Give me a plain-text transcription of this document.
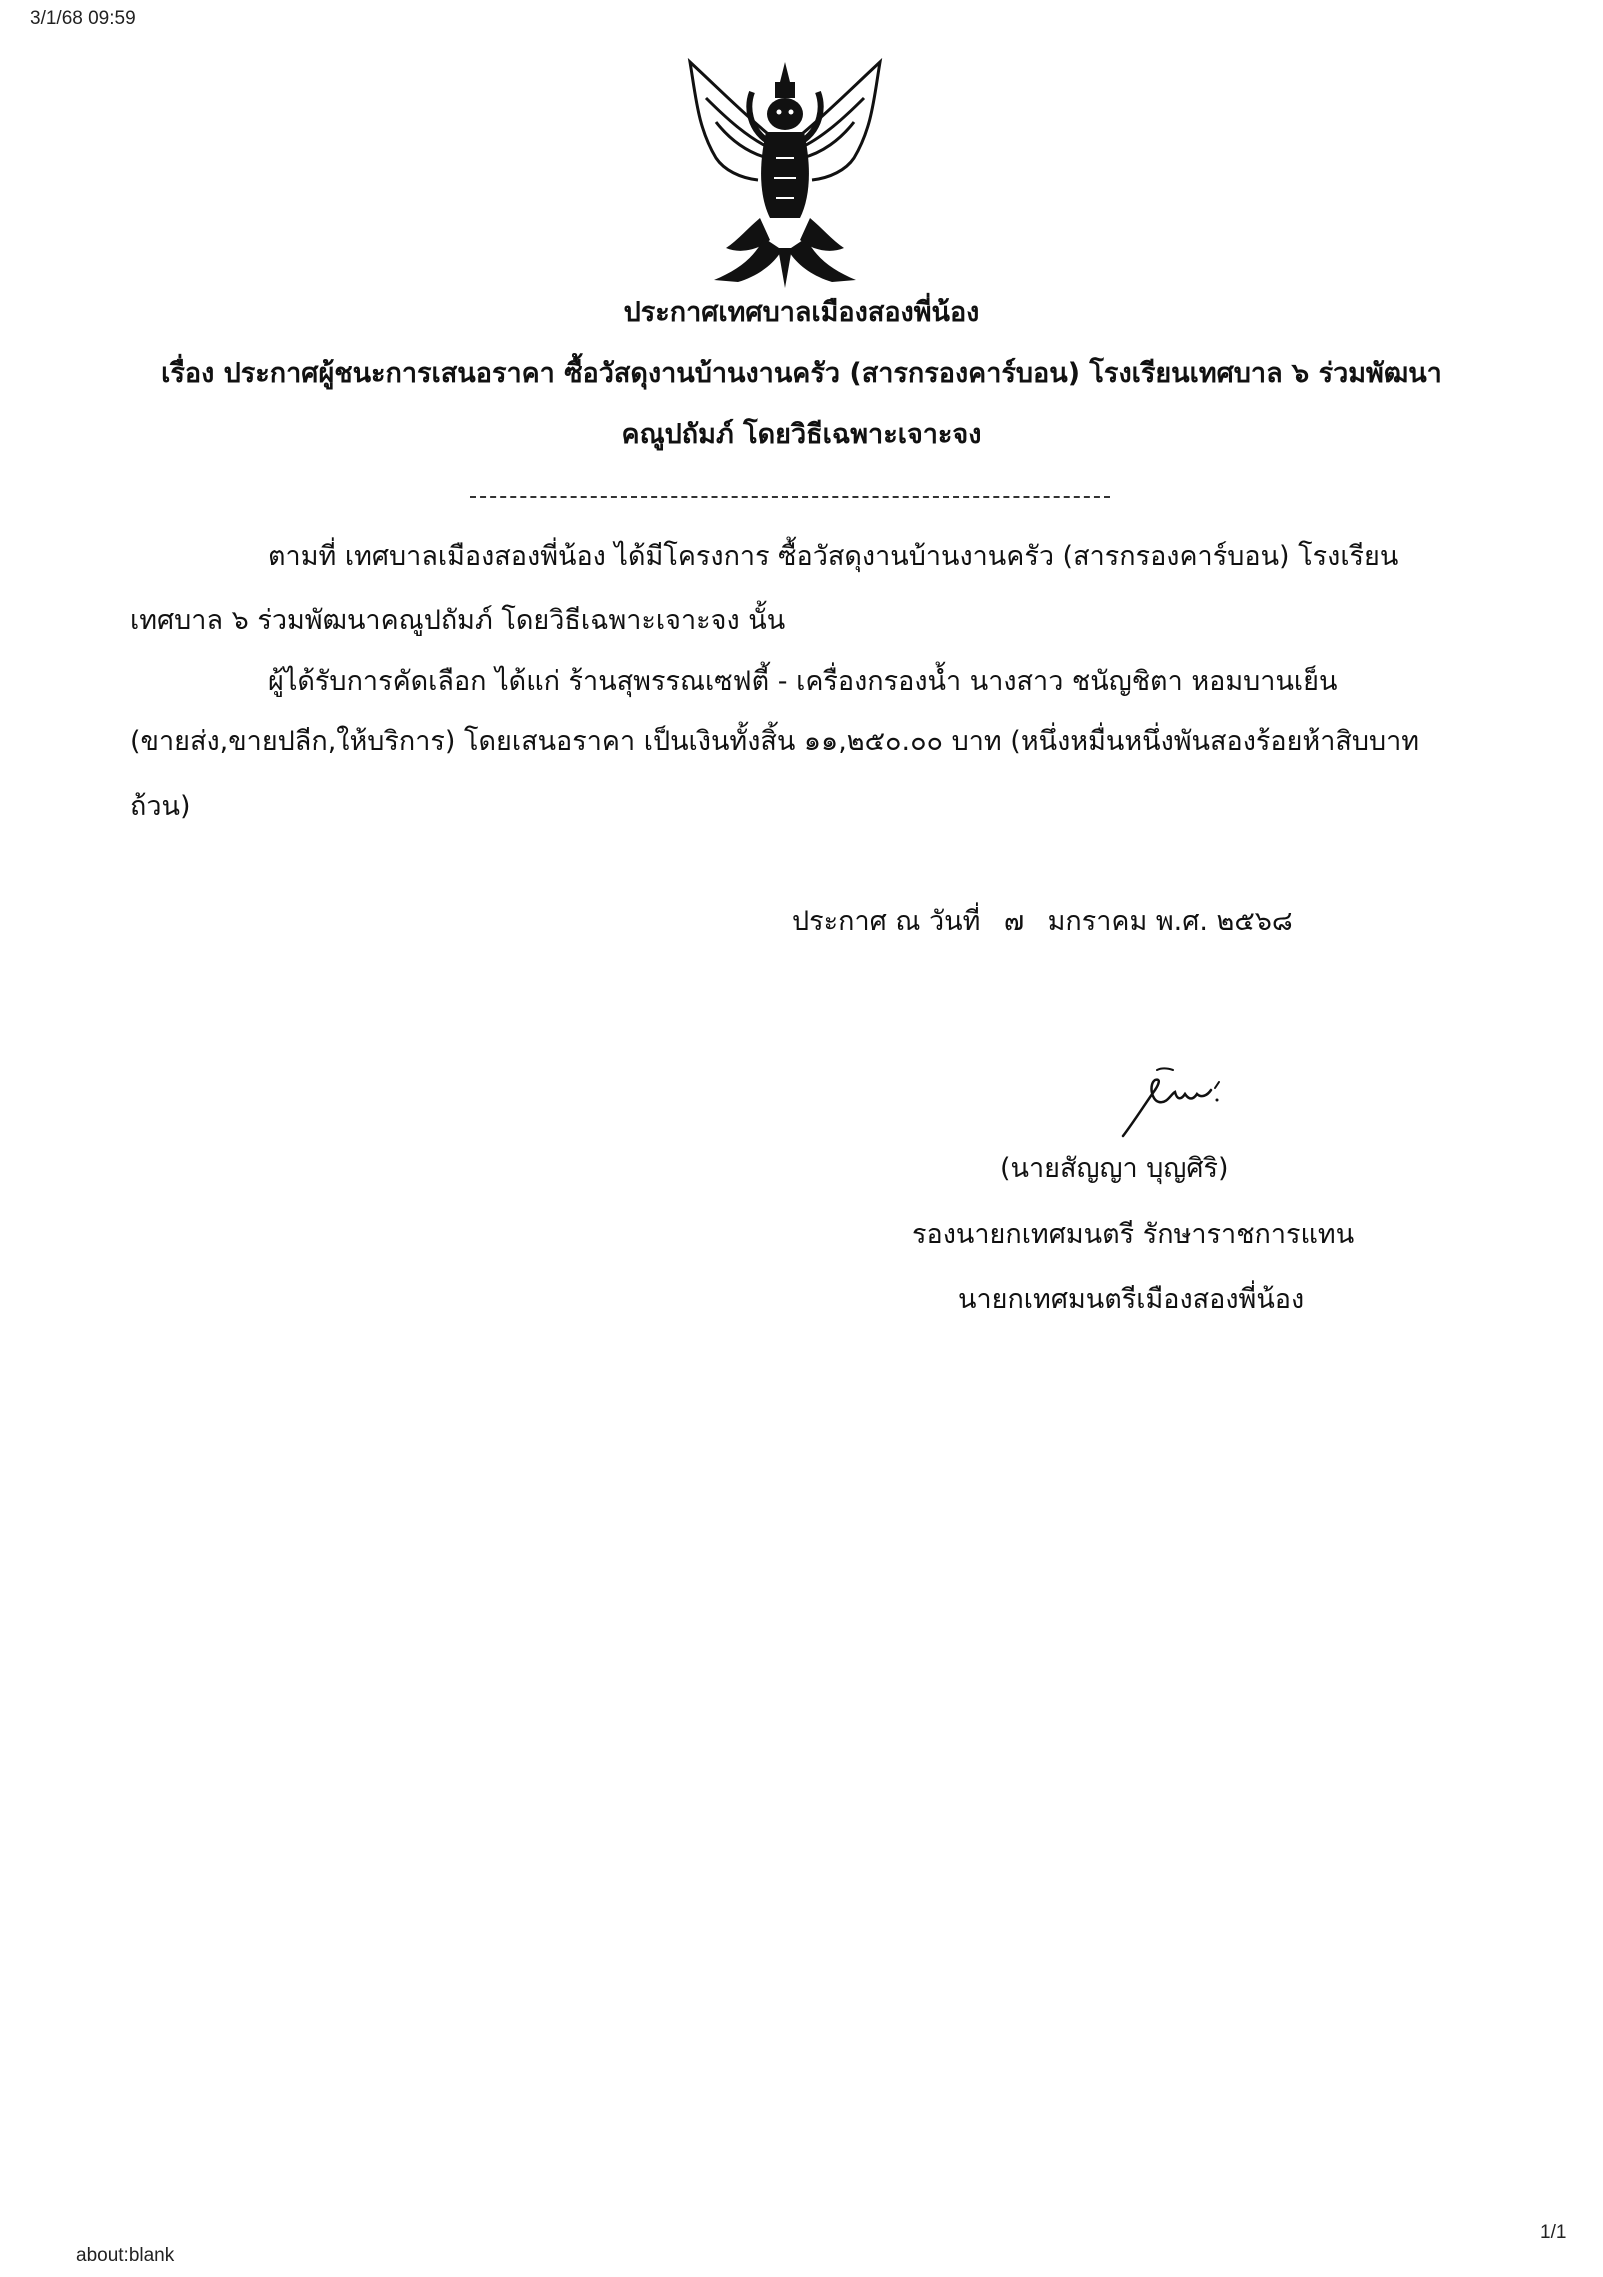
3/1/68 09:59
ประกาศเทศบาลเมืองสองพี่น้อง
เรื่อง ประกาศผู้ชนะการเสนอราคา ซื้อวัสดุงานบ้านงานครัว (สารกรองคาร์บอน) โรงเรียนเทศบาล ๖ ร่วมพัฒนา
คณูปถัมภ์ โดยวิธีเฉพาะเจาะจง
ตามที่ เทศบาลเมืองสองพี่น้อง ได้มีโครงการ ซื้อวัสดุงานบ้านงานครัว (สารกรองคาร์บอน) โรงเรียน
เทศบาล ๖ ร่วมพัฒนาคณูปถัมภ์ โดยวิธีเฉพาะเจาะจง นั้น
ผู้ได้รับการคัดเลือก ได้แก่ ร้านสุพรรณเซฟตี้ - เครื่องกรองน้ำ นางสาว ชนัญชิตา หอมบานเย็น
(ขายส่ง,ขายปลีก,ให้บริการ) โดยเสนอราคา เป็นเงินทั้งสิ้น ๑๑,๒๕๐.๐๐ บาท (หนึ่งหมื่นหนึ่งพันสองร้อยห้าสิบบาท
ถ้วน)
ประกาศ ณ วันที่ ๗ มกราคม พ.ศ. ๒๕๖๘
(นายสัญญา บุญศิริ)
รองนายกเทศมนตรี รักษาราชการแทน
นายกเทศมนตรีเมืองสองพี่น้อง
about:blank
1/1
